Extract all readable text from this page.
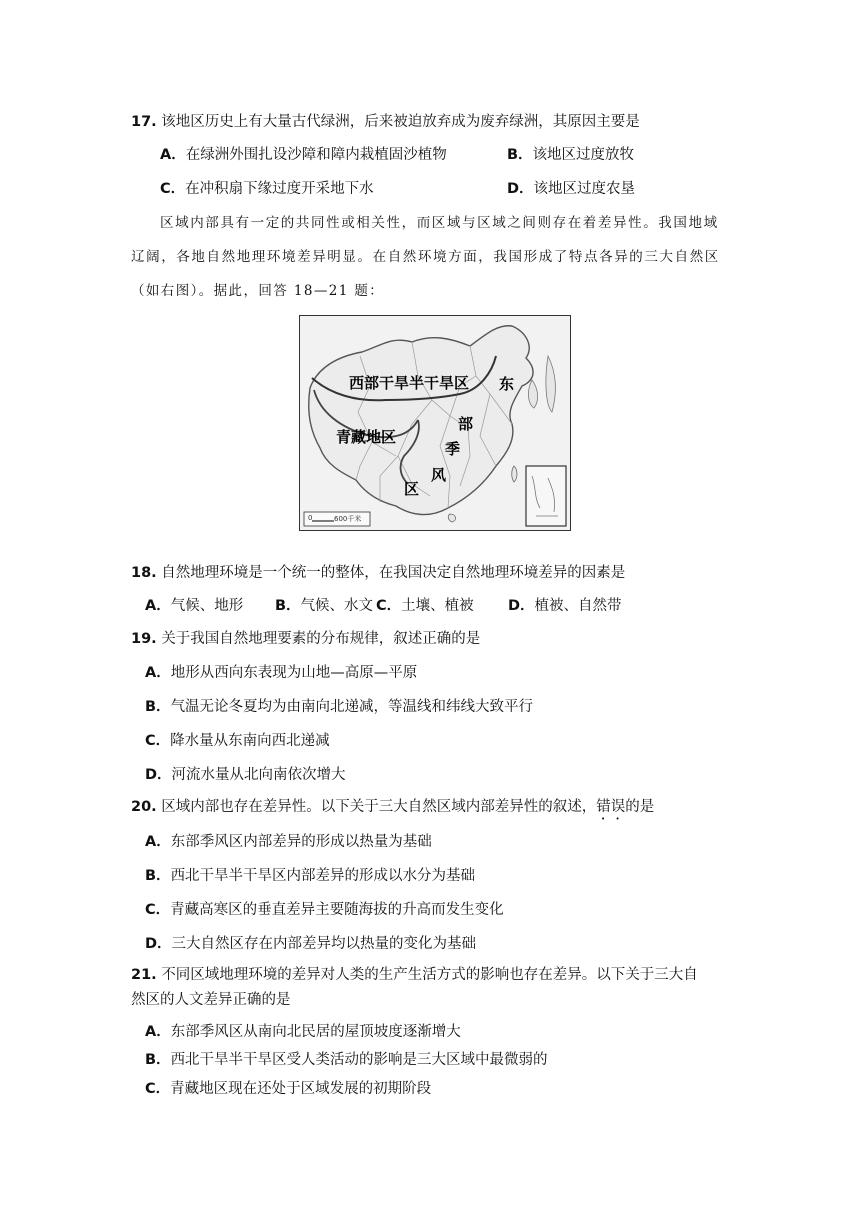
17. 该地区历史上有大量古代绿洲，后来被迫放弃成为废弃绿洲，其原因主要是
A．在绿洲外围扎设沙障和障内栽植固沙植物	B．该地区过度放牧
C．在冲积扇下缘过度开采地下水	D．该地区过度农垦
区域内部具有一定的共同性或相关性，而区域与区域之间则存在着差异性。我国地域
辽阔，各地自然地理环境差异明显。在自然环境方面，我国形成了特点各异的三大自然区
（如右图）。据此，回答 18—21 题：
西部干旱半干旱区
青藏地区
东
部
季
风
区
0	600千米
18. 自然地理环境是一个统一的整体，在我国决定自然地理环境差异的因素是
A．气候、地形 B．气候、水文 C．土壤、植被 D．植被、自然带
19. 关于我国自然地理要素的分布规律，叙述正确的是
A．地形从西向东表现为山地—高原—平原
B．气温无论冬夏均为由南向北递减，等温线和纬线大致平行
C．降水量从东南向西北递减
D．河流水量从北向南依次增大
20. 区域内部也存在差异性。以下关于三大自然区域内部差异性的叙述，错误的是
A．东部季风区内部差异的形成以热量为基础
B．西北干旱半干旱区内部差异的形成以水分为基础
C．青藏高寒区的垂直差异主要随海拔的升高而发生变化
D．三大自然区存在内部差异均以热量的变化为基础
21. 不同区域地理环境的差异对人类的生产生活方式的影响也存在差异。以下关于三大自
然区的人文差异正确的是
A．东部季风区从南向北民居的屋顶坡度逐渐增大
B．西北干旱半干旱区受人类活动的影响是三大区域中最微弱的
C．青藏地区现在还处于区域发展的初期阶段
